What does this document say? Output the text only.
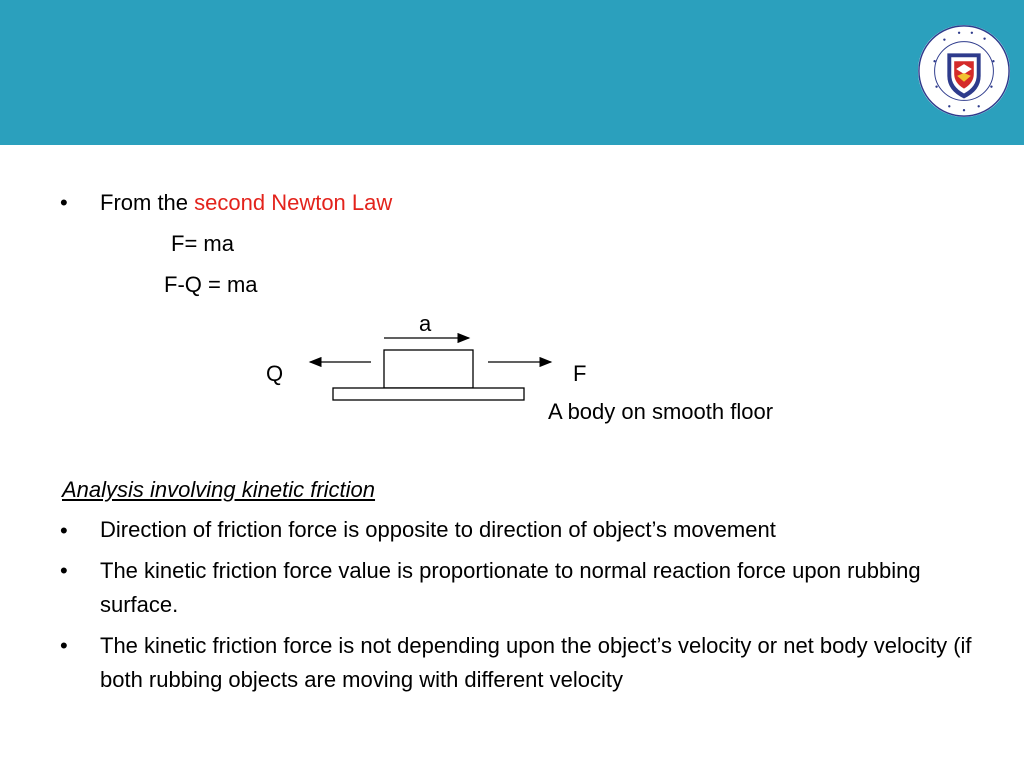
• From the second Newton Law
F= ma
F-Q = ma
a
Q	F
A body on smooth floor
Analysis involving kinetic friction
• Direction of friction force is opposite to direction of object’s movement
• The kinetic friction force value is proportionate to normal reaction force upon rubbing surface.
• The kinetic friction force is not depending upon the object’s velocity or net body velocity (if both rubbing objects are moving with different velocity
